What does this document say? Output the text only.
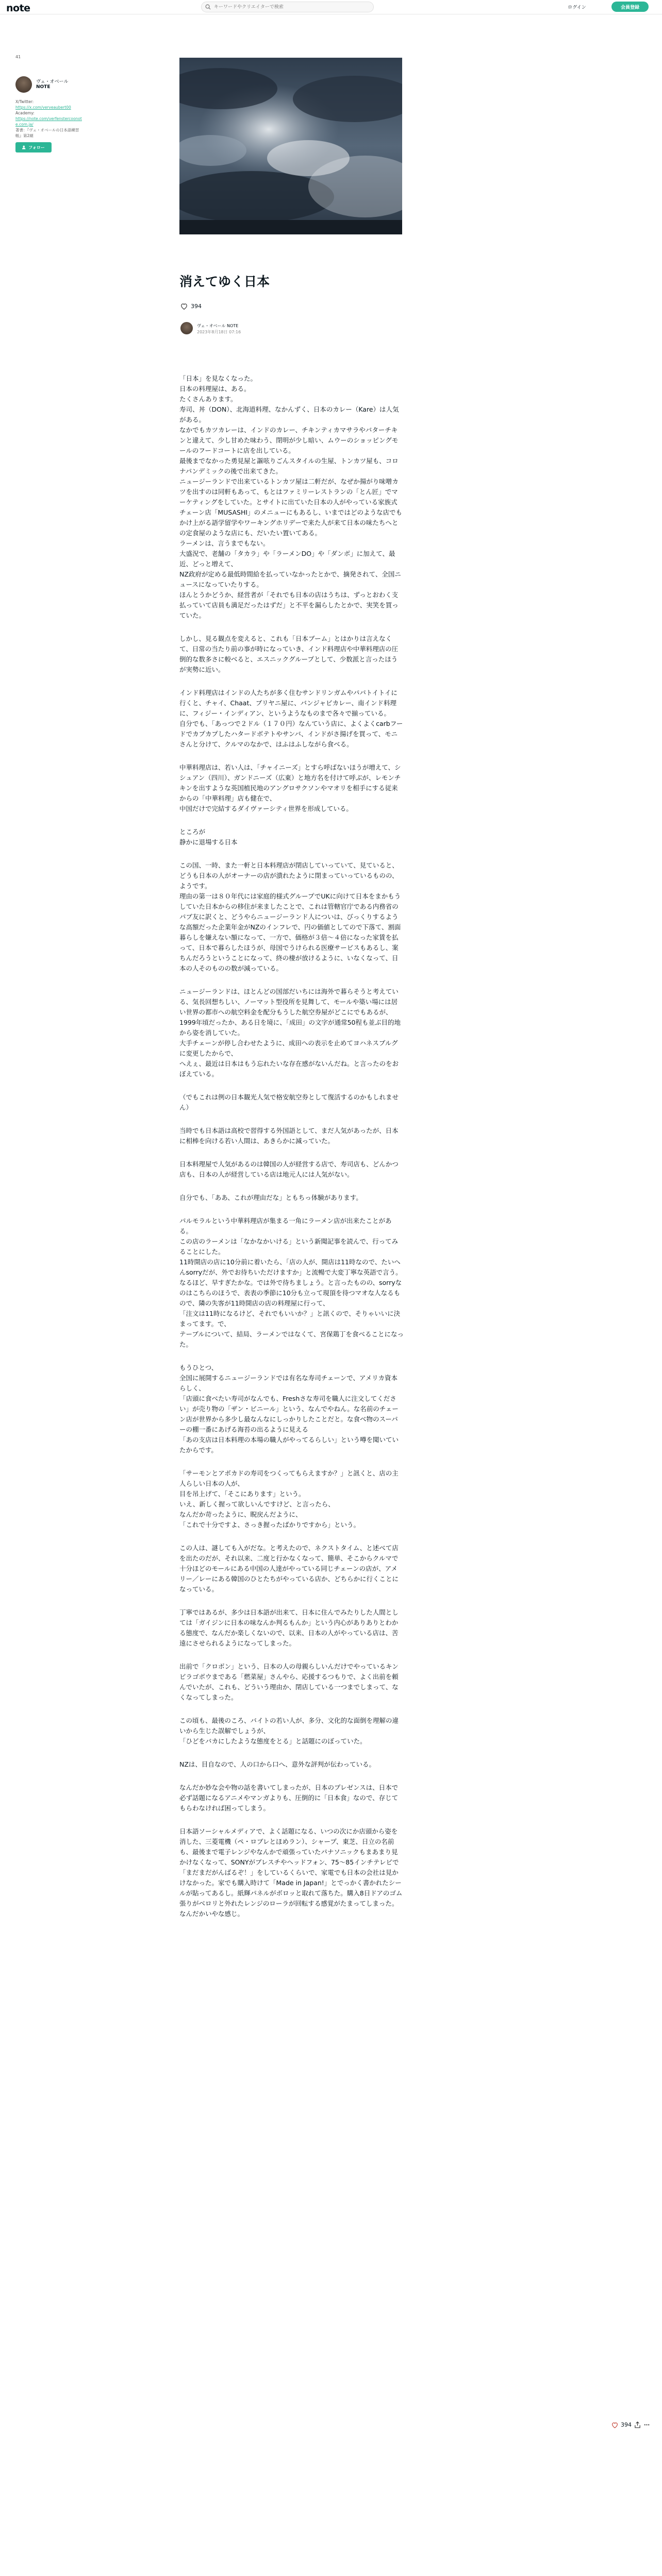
note
キーワードやクリエイターで検索	ログイン	会員登録
41
ヴェ・オベール
NOTE
X/Twitter:
https://x.com/verveaubert00
Academy:
https://note.com/verfenstercoonote.com.ja/
著書：『ヴェ・オベールの日本語練習帳』第2刷
フォロー
消えてゆく日本
394
ヴェ・オベール NOTE
2023年8月18日 07:16

「日本」を見なくなった。

日本の料理屋は、ある。

たくさんあります。

寿司、丼（DON）、北海道料理、なかんずく、日本のカレー（Kare）は人気がある。

なかでもカツカレーは、インドのカレー、チキンティカマサラやバターチキンと違えて、少し甘めた味わう、閉明が少し暗い、ムウーのショッピングモールのフードコートに店を出している。

最後までなかった勇見屋と謳呟りごんスタイルの生屋、トンカツ屋も、コロナパンデミックの後で出来てきた。

ニュージーランドで出来ているトンカツ屋は二軒だが、なぜか揚がり味噌カツを出すのは同軒もあって、もとはファミリーレストランの「とん匠」でマーケティングをしていた。とサイトに出ていた日本の人がやっている家族式チェーン店「MUSASHI」のメニューにもあるし、いまではどのような店でもかけ上がる語学留学やワーキングホリデーで来た人が来て日本の味たちへとの定食屋のような店にも、だいたい置いてある。

ラーメンは、言うまでもない。

大盛況で、老舗の「タカラ」や「ラーメンDO」や「ダンボ」に加えて、最近、どっと増えて、

NZ政府が定める最低時間給を払っていなかったとかで、摘発されて、全国ニュースになっていたりする。

ほんとうかどうか、経営者が「それでも日本の店はうちは、ずっとおわく支払っていて店員も満足だったはずだ」と不平を漏らしたとかで、実笑を買っていた。

しかし、見る観点を変えると、これも「日本ブーム」とはかりは言えなくて、日常の当たり前の事が時になっていき、インド料理店や中華料理店の圧倒的な数多さに較べると、エスニックグループとして、少数派と言ったほうが実勢に近い。

インド料理店はインドの人たちが多く住むサンドリンガムやパパトイトイに行くと、チャイ、Chaat、ブリヤニ屋に、バンジャビカレー、南インド料理に、フィジー・インディアン、というようなものまで各々で揃っている。

自分でも、「あっつで２ドル（１７０円）なんていう店に、よくよくcarbフードでカプカプしたハタードボテトやサンバ、インドがさ揚げを買って、モニさんと分けて、クルマのなかで、はふはふしながら食べる。

中華料理店は、若い人は、「チャイニーズ」とすら呼ばないほうが増えて、シシュアン（四川）、ガンドニーズ（広東）と地方名を付けて呼ぶが、レモンチキンを出すような英国植民地のアングロサクソンやマオリを相手にする従来からの「中華料理」店も健在で、

中国だけで完結するダイヴァーシティ世界を形成している。

ところが

静かに退場する日本

この国、一時、また一軒と日本料理店が閉店していっていて、見ていると、どうも日本の人がオーナーの店が潰れたように閉まっていっているものの、ようです。

理由の第一は８０年代には家庭的様式グループでUKに向けて日本をまかもうしていた日本からの移住が来ましたことで、これは管轄官庁である内務省のパブ友に訳くと、どうやらニュージーランド人についは、びっくりするような高額だった企業年金がNZのインフレで、円の価値としてので下落て、割面暮らしを嫌えない額になって、一方で、価格が３倍〜４倍になった家賃を払って、日本で暮らしたほうが、母国でうけられる医療サービスもあるし、案ちんだろうということになって、終の棲が放けるように、いなくなって、日本の人そのものの数が減っている。

ニュージーランドは、ほとんどの国部だいちには海外で暮らそうと考えている、気長回想ちしい、ノーマット型役所を見舞して、モールや築い場には居い世界の都市への航空料金を配分もうした航空券屋がどこにでもあるが、1999年頃だったか、ある日を境に、「成田」の文字が通常50程も並ぶ目的地から姿を消していた。

大手チェーンが停し合わせたように、成田への表示を止めてヨハネスブルグに変更したからで、

へえぇ、最近は日本はもう忘れたいな存在感がないんだね。と言ったのをおぼえている。

（でもこれは例の日本観光人気で格安航空券として復活するのかもしれません）

当時でも日本語は高校で習得する外国語として、まだ人気があったが、日本に相棒を向ける若い人間は、あきらかに減っていた。

日本料理屋で人気があるのは韓国の人が経営する店で、寿司店も、どんかつ店も、日本の人が経営している店は地元人には人気がない。

自分でも、「ああ、これが理由だな」ともちっ体験があります。

パルモラルという中華料理店が集まる一角にラーメン店が出来たことがある。

この店のラーメンは「なかなかいける」という新聞記事を読んで、行ってみることにした。

11時開店の店に10分前に着いたら、「店の人が、開店は11時なので、たいへんsorryだが、外でお待ちいただけますか」と流暢で大変丁寧な英語で言う。

なるほど、早すぎたかな。では外で待ちましょう。と言ったものの、sorryなのはこちらのほうで、表表の季節に10分も立って現頂を待つマオな人なるもので、隣の失客が11時開店の店の料理屋に行って、

「注文は11時になるけど、それでもいいか？」と訊くので、そりゃいいに決まってます。で、

テーブルについて、結局、ラーメンではなくて、宮保鶏丁を食べることになった。

もうひとつ、

全国に展開するニュージーランドでは有名な寿司チェーンで、アメリカ資本らしく、

「店頭に食べたい寿司がなんでも、Freshさな寿司を職人に注文してください」が売り物の「ザン・ビニール」という、なんでやねん。な名前のチェーン店が世界から多少し最なんなにしっかりしたことだと。な食べ物のスーパーの棚一番にあげる海苔の出るように見える

「あの支店は日本料理の本場の職人がやってるらしい」という噂を聞いていたからです。

「サーモンとアボカドの寿司をつくってもらえますか？」と訊くと、店の主人らしい日本の人が、

目を吊上げて、「そこにあります」という。

いえ、新しく握って欲しいんですけど、と言ったら、

なんだか苛ったように、睨戻んだように、

「これで十分ですよ、さっき握ったばかりですから」という。

この人は、謎しても入がだな。と考えたので、ネクストタイム、と述べて店を出たのだが、それ以来、二度と行かなくなって、簡単、そこからクルマで十分ほどのモールにある中国の人達がやっている同じチェーンの店が、アメリー／レーにある韓国のひとたちがやっている店か、どちらかに行くことになっている。

丁寧ではあるが、多少は日本語が出来て、日本に住んでみたりした人間としては「ガイジンに日本の味なんか判るもんか」という内心がありありとわかる態度で、なんだか楽しくないので、以来、日本の人がやっている店は、苦遠にさせられるようになってしまった。

出前で「クロボン」という、日本の人の母親らしいんだけでやっているキンビラゴボウまである「燃菜屋」さんやら、応援するつもりで、よく出前を頼んでいたが、これも、どういう理由か、閉店している一つまでしまって、なくなってしまった。

この頃も、最後のころ、バイトの若い人が、多分、文化的な面倒を理解の違いから生じた誤解でしょうが、

「ひどをバカにしたような態度をとる」と話題にのぼっていた。

NZは、目自なので、人の口から口へ、意外な評判が伝わっている。

なんだか妙な会や物の話を書いてしまったが、日本のプレゼンスは、日本で必ず話題になるアニメやマンガよりも、圧倒的に「日本食」なので、存じてもらわなければ困ってしまう。

日本語ソーシャルメディアで、よく話題になる、いつの次にか店頭から姿を消した、三菱電機（ペ・ロブレとほめラン）、シャープ、東芝、日立の名前も、最後まで電子レンジやなんかで頑張っていたパナソニックもまあまり見かけなくなって、SONYがブレスチやヘッドフォン、75〜85インチテレビで「まだまだがんばるぞ！」をしているくらいで、家電でも日本の会社は見かけなかった。家でも購入時けて「Made in Japan!」とでっかく書かれたシールが貼ってあるし。紙輝パネルがボロッと取れて落ちた。購入8日ドアのゴム張りがベロリと外れたレンジのローラが回転する感覚がたまってしまった。なんだかいやな感じ。

394
